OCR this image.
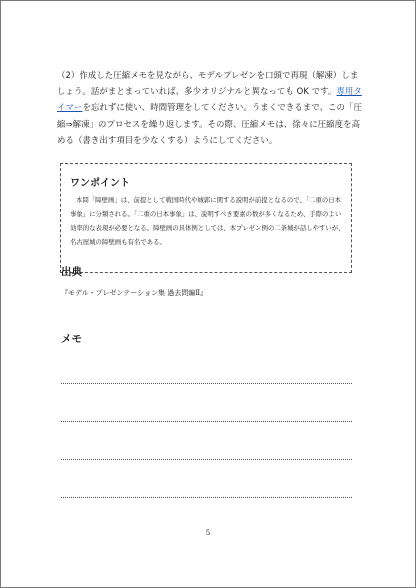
（2）作成した圧縮メモを見ながら、モデルプレゼンを口頭で再現（解凍）しましょう。話がまとまっていれば、多少オリジナルと異なっても OK です。専用タイマーを忘れずに使い、時間管理をしてください。うまくできるまで、この「圧縮⇒解凍」のプロセスを繰り返します。その際、圧縮メモは、徐々に圧縮度を高める（書き出す項目を少なくする）ようにしてください。

ワンポイント

本問「障壁画」は、前提として戦国時代や城郭に関する説明が前提となるので、「二重の日本事象」に分類される。「二重の日本事象」は、説明すべき要素の数が多くなるため、手際のよい効率的な表現が必要となる。障壁画の具体例としては、本プレゼン例の二条城が話しやすいが、名古屋城の障壁画も有名である。

出典

『モデル・プレゼンテーション集 過去問編Ⅱ』

メモ

5
